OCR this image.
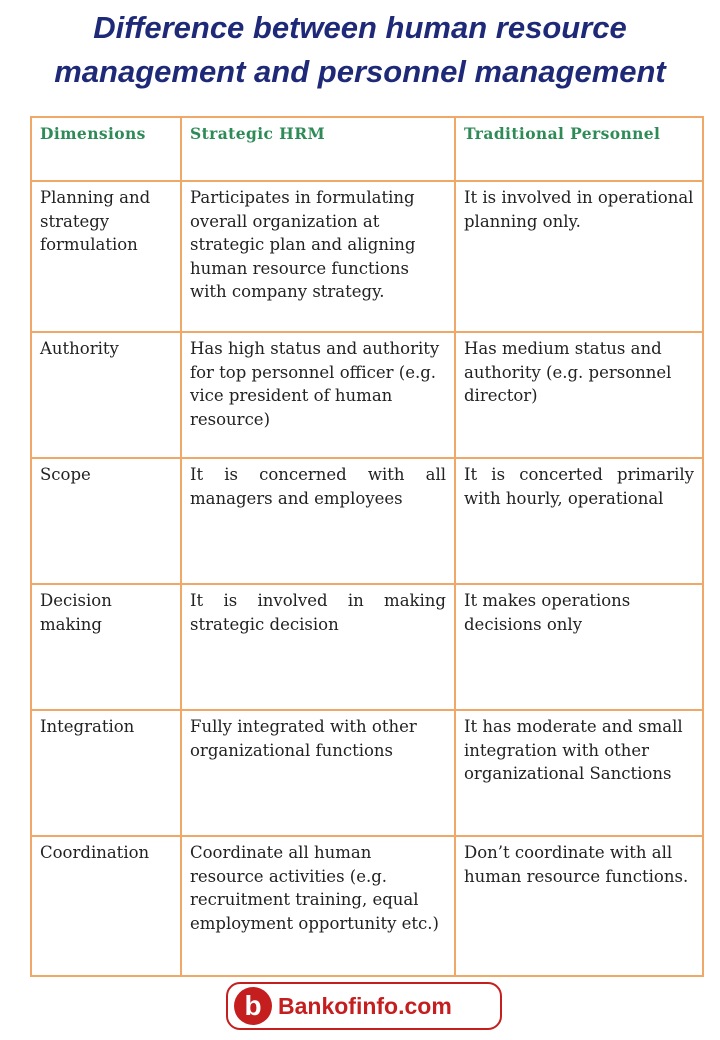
Difference between human resource
management and personnel management
Dimensions	Strategic HRM	Traditional Personnel
Planning and strategy formulation	Participates in formulating overall organization at strategic plan and aligning human resource functions with company strategy.	It is involved in operational planning only.
Authority	Has high status and authority for top personnel officer (e.g. vice president of human resource)	Has medium status and authority (e.g. personnel director)
Scope	It is concerned with all managers and employees	It is concerted primarily with hourly, operational
Decision making	It is involved in making strategic decision	It makes operations decisions only
Integration	Fully integrated with other organizational functions	It has moderate and small integration with other organizational Sanctions
Coordination	Coordinate all human resource activities (e.g. recruitment training, equal employment opportunity etc.)	Don’t coordinate with all human resource functions.
b Bankofinfo.com
